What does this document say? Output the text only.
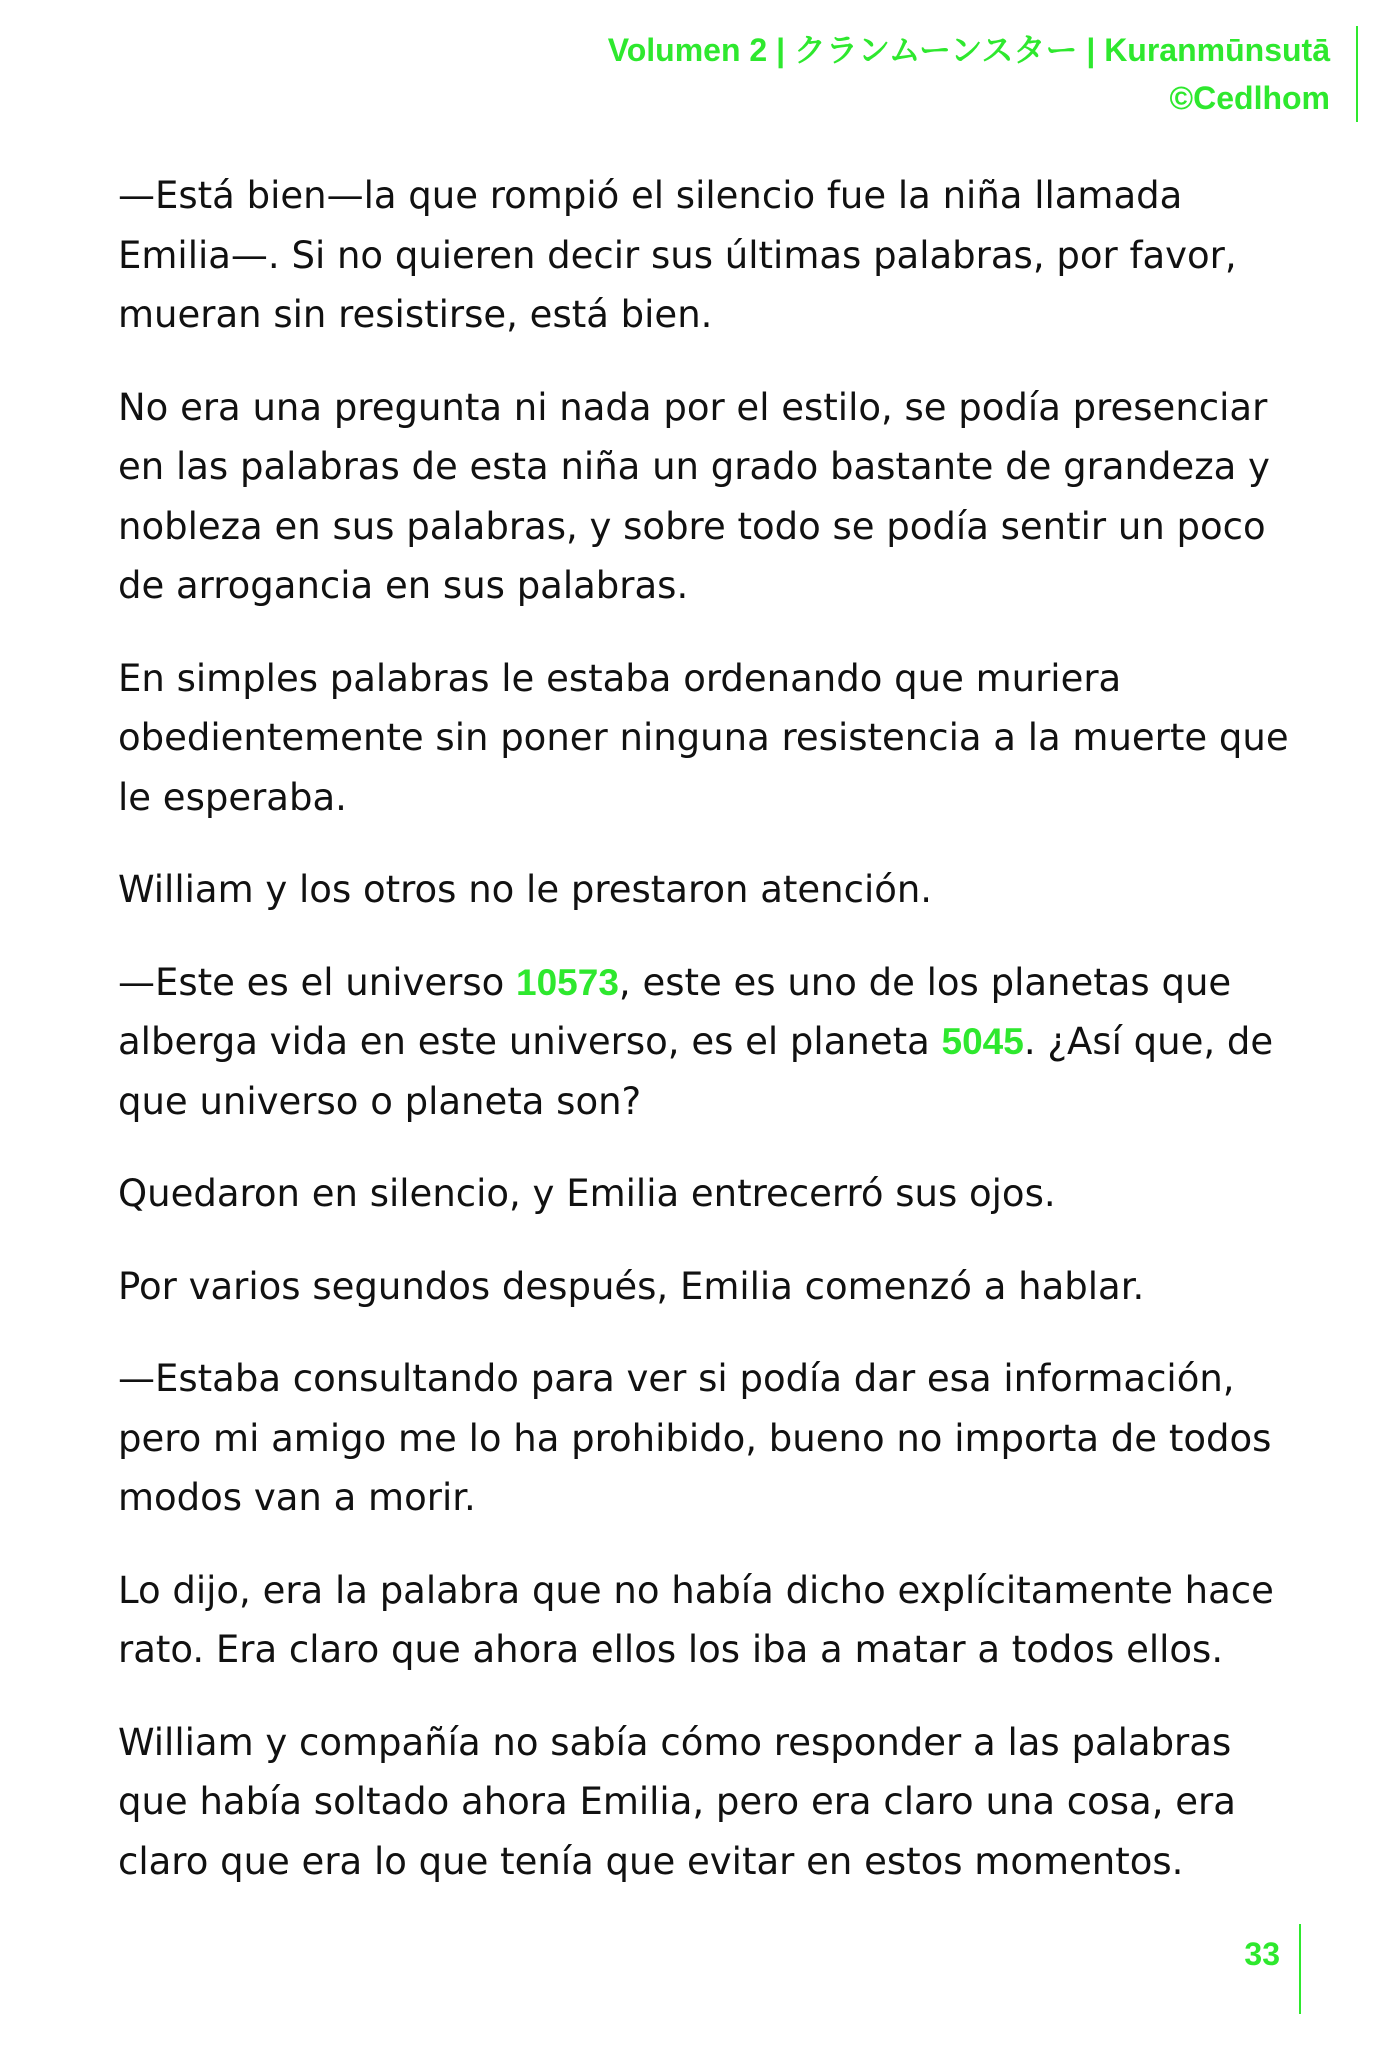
Volumen 2 | クランムーンスター | Kuranmūnsutā
©Cedlhom

—Está bien—la que rompió el silencio fue la niña llamada Emilia—. Si no quieren decir sus últimas palabras, por favor, mueran sin resistirse, está bien.

No era una pregunta ni nada por el estilo, se podía presenciar en las palabras de esta niña un grado bastante de grandeza y nobleza en sus palabras, y sobre todo se podía sentir un poco de arrogancia en sus palabras.

En simples palabras le estaba ordenando que muriera obedientemente sin poner ninguna resistencia a la muerte que le esperaba.

William y los otros no le prestaron atención.

—Este es el universo 10573, este es uno de los planetas que alberga vida en este universo, es el planeta 5045. ¿Así que, de que universo o planeta son?

Quedaron en silencio, y Emilia entrecerró sus ojos.

Por varios segundos después, Emilia comenzó a hablar.

—Estaba consultando para ver si podía dar esa información, pero mi amigo me lo ha prohibido, bueno no importa de todos modos van a morir.

Lo dijo, era la palabra que no había dicho explícitamente hace rato. Era claro que ahora ellos los iba a matar a todos ellos.

William y compañía no sabía cómo responder a las palabras que había soltado ahora Emilia, pero era claro una cosa, era claro que era lo que tenía que evitar en estos momentos.

33
